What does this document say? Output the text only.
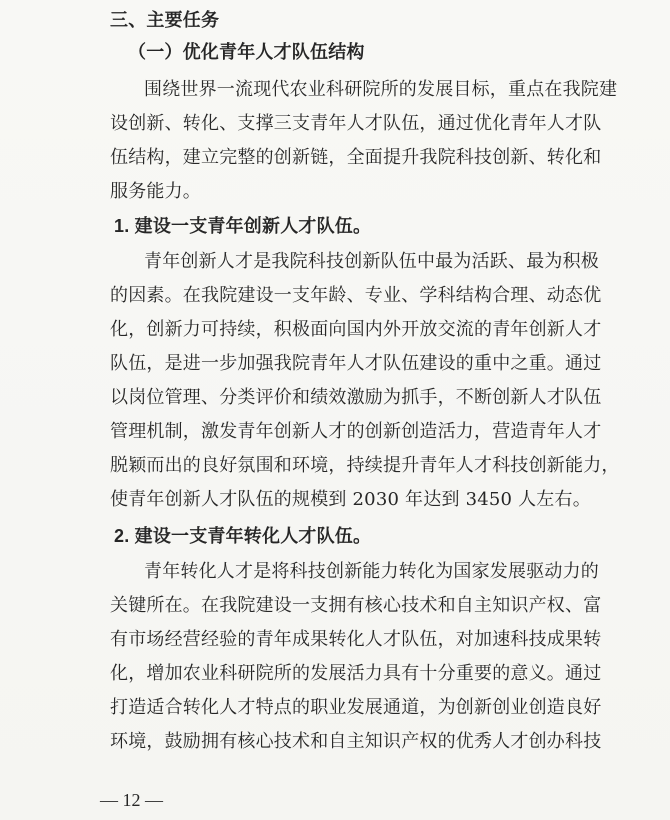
三、主要任务
（一）优化青年人才队伍结构
围绕世界一流现代农业科研院所的发展目标，重点在我院建
设创新、转化、支撑三支青年人才队伍，通过优化青年人才队
伍结构，建立完整的创新链，全面提升我院科技创新、转化和
服务能力。
1. 建设一支青年创新人才队伍。
青年创新人才是我院科技创新队伍中最为活跃、最为积极
的因素。在我院建设一支年龄、专业、学科结构合理、动态优
化，创新力可持续，积极面向国内外开放交流的青年创新人才
队伍，是进一步加强我院青年人才队伍建设的重中之重。通过
以岗位管理、分类评价和绩效激励为抓手，不断创新人才队伍
管理机制，激发青年创新人才的创新创造活力，营造青年人才
脱颖而出的良好氛围和环境，持续提升青年人才科技创新能力，
使青年创新人才队伍的规模到 2030 年达到 3450 人左右。
2. 建设一支青年转化人才队伍。
青年转化人才是将科技创新能力转化为国家发展驱动力的
关键所在。在我院建设一支拥有核心技术和自主知识产权、富
有市场经营经验的青年成果转化人才队伍，对加速科技成果转
化，增加农业科研院所的发展活力具有十分重要的意义。通过
打造适合转化人才特点的职业发展通道，为创新创业创造良好
环境，鼓励拥有核心技术和自主知识产权的优秀人才创办科技
— 12 —
